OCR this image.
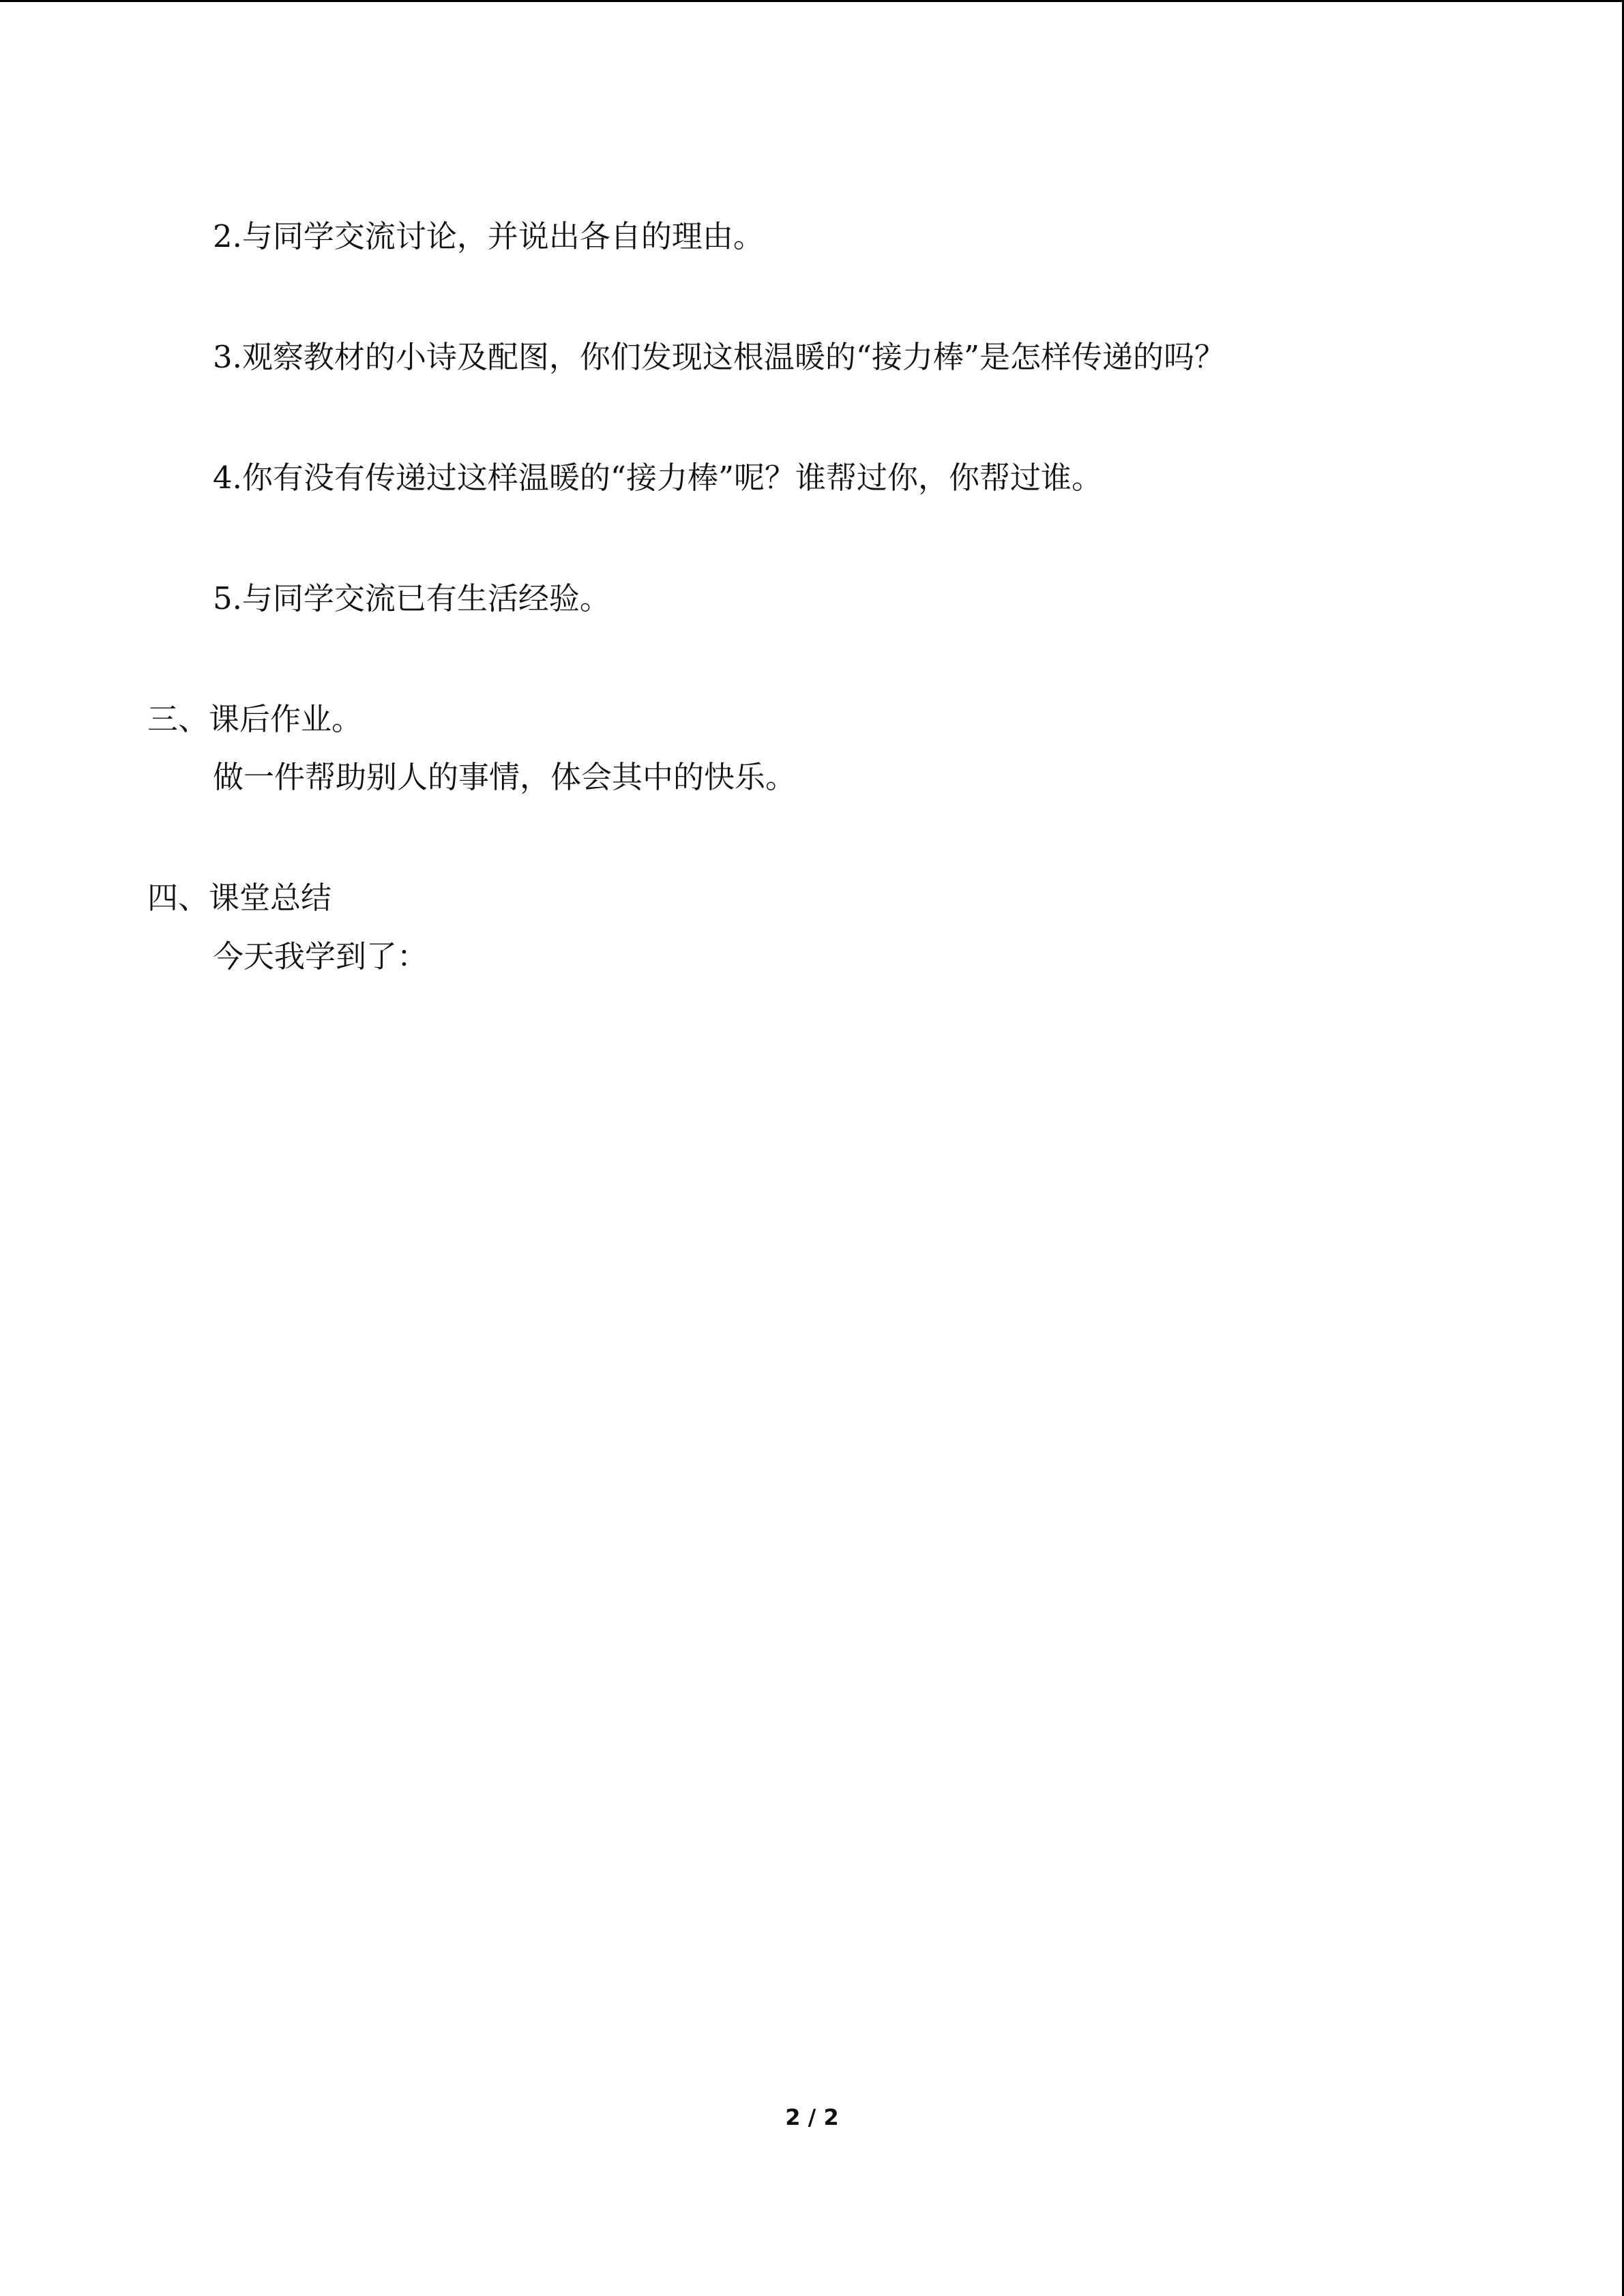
2.与同学交流讨论，并说出各自的理由。
3.观察教材的小诗及配图，你们发现这根温暖的“接力棒”是怎样传递的吗？
4.你有没有传递过这样温暖的“接力棒”呢？谁帮过你，你帮过谁。
5.与同学交流已有生活经验。
三、课后作业。
做一件帮助别人的事情，体会其中的快乐。
四、课堂总结
今天我学到了：
2 / 2
